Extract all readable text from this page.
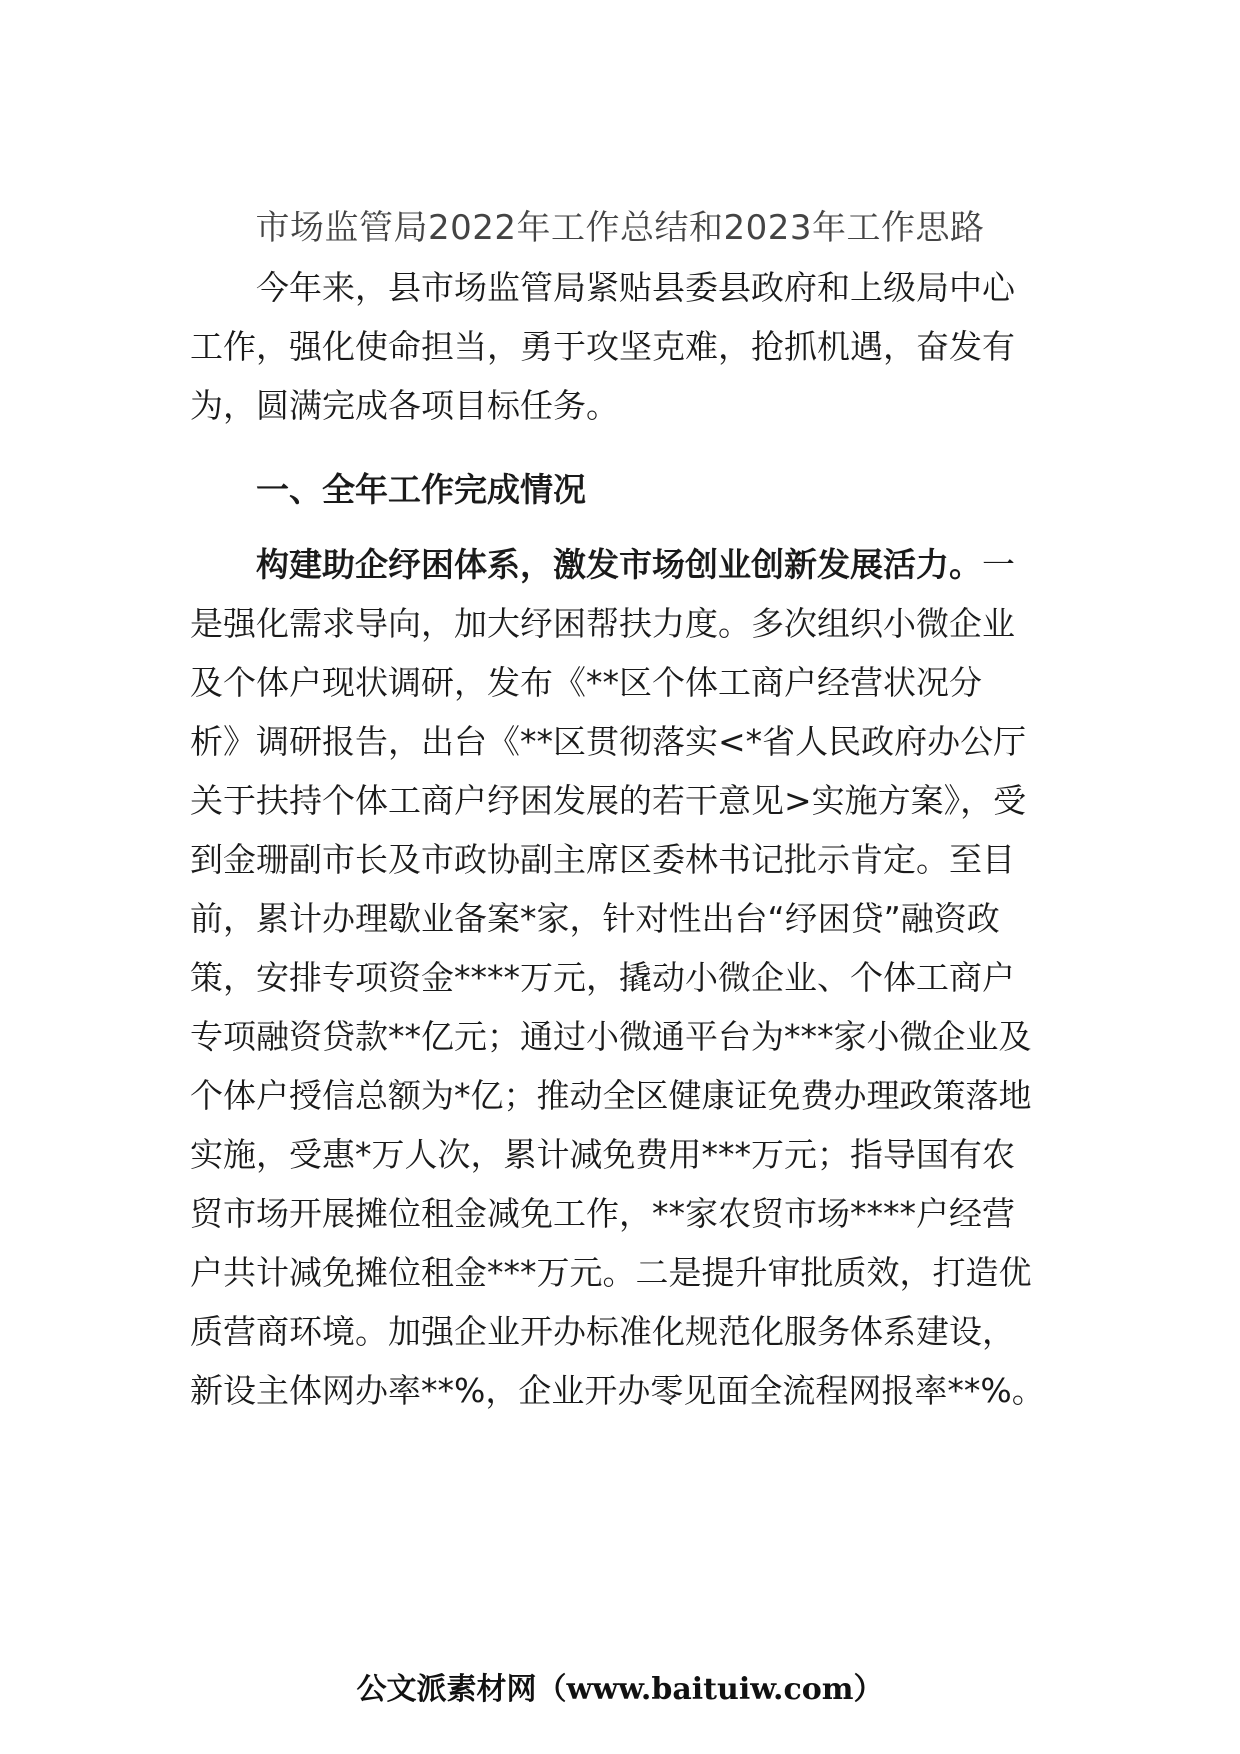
市场监管局2022年工作总结和2023年工作思路
今年来，县市场监管局紧贴县委县政府和上级局中心
工作，强化使命担当，勇于攻坚克难，抢抓机遇，奋发有
为，圆满完成各项目标任务。
一、全年工作完成情况
构建助企纾困体系，激发市场创业创新发展活力。一
是强化需求导向，加大纾困帮扶力度。多次组织小微企业
及个体户现状调研，发布《**区个体工商户经营状况分
析》调研报告，出台《**区贯彻落实<*省人民政府办公厅
关于扶持个体工商户纾困发展的若干意见>实施方案》，受
到金珊副市长及市政协副主席区委林书记批示肯定。至目
前，累计办理歇业备案*家，针对性出台“纾困贷”融资政
策，安排专项资金****万元，撬动小微企业、个体工商户
专项融资贷款**亿元；通过小微通平台为***家小微企业及
个体户授信总额为*亿；推动全区健康证免费办理政策落地
实施，受惠*万人次，累计减免费用***万元；指导国有农
贸市场开展摊位租金减免工作，**家农贸市场****户经营
户共计减免摊位租金***万元。二是提升审批质效，打造优
质营商环境。加强企业开办标准化规范化服务体系建设，
新设主体网办率**%，企业开办零见面全流程网报率**%。
公文派素材网（www.baituiw.com）
